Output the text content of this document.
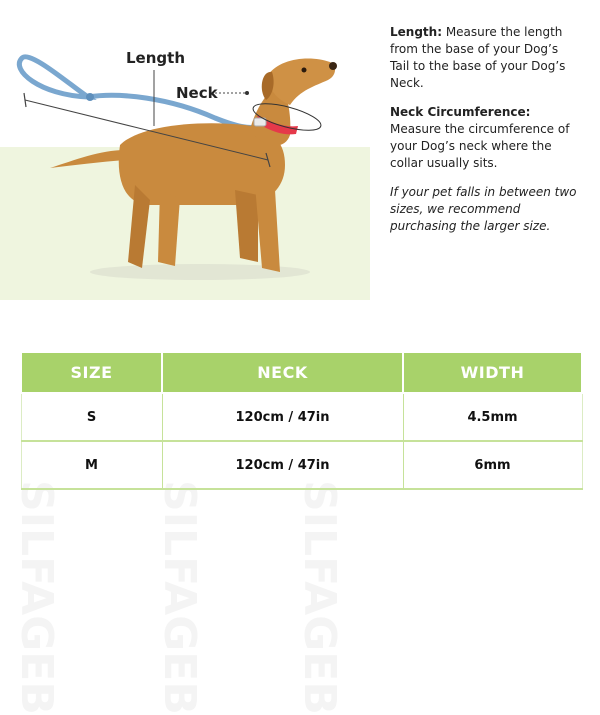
SILFAGEB SILFAGEB SILFAGEB
Length
Neck

Length: Measure the length from the base of your Dog’s Tail to the base of your Dog’s Neck.

Neck Circumference:
Measure the circumference of your Dog’s neck where the collar usually sits.

If your pet falls in between two sizes, we recommend purchasing the larger size.

SIZE	NECK	WIDTH
S	120cm / 47in	4.5mm
M	120cm / 47in	6mm
